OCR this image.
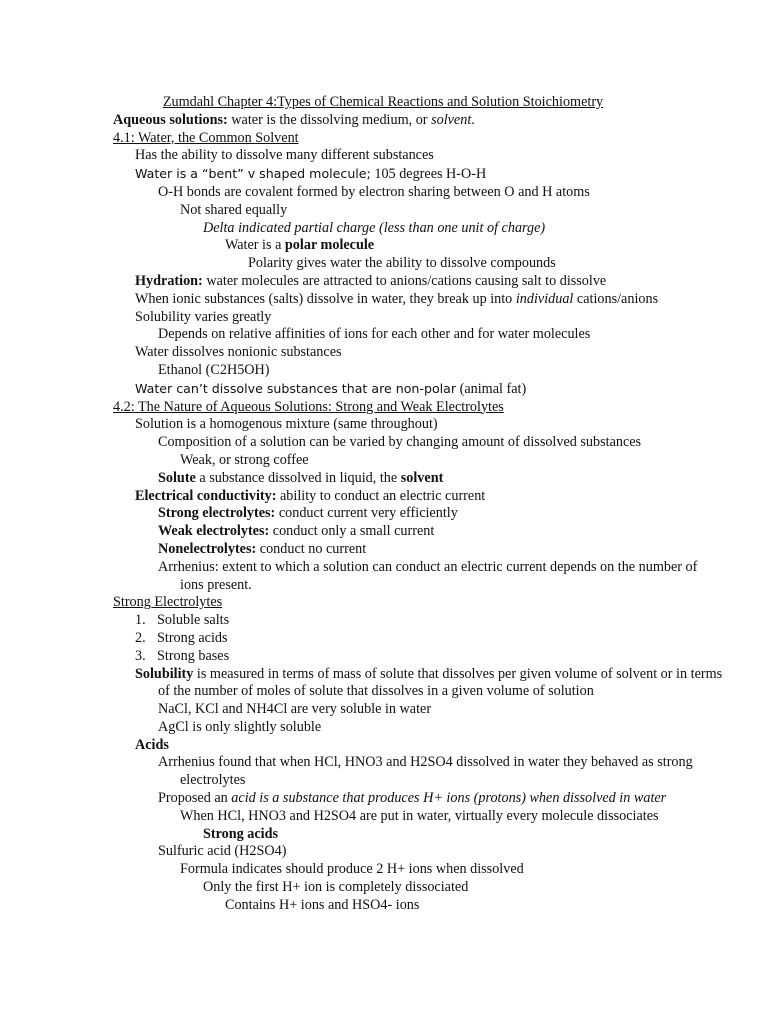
Zumdahl Chapter 4:Types of Chemical Reactions and Solution Stoichiometry
Aqueous solutions: water is the dissolving medium, or solvent.
4.1: Water, the Common Solvent
Has the ability to dissolve many different substances
Water is a “bent” v shaped molecule; 105 degrees H-O-H
O-H bonds are covalent formed by electron sharing between O and H atoms
Not shared equally
Delta indicated partial charge (less than one unit of charge)
Water is a polar molecule
Polarity gives water the ability to dissolve compounds
Hydration: water molecules are attracted to anions/cations causing salt to dissolve
When ionic substances (salts) dissolve in water, they break up into individual cations/anions
Solubility varies greatly
Depends on relative affinities of ions for each other and for water molecules
Water dissolves nonionic substances
Ethanol (C2H5OH)
Water can’t dissolve substances that are non-polar (animal fat)
4.2: The Nature of Aqueous Solutions: Strong and Weak Electrolytes
Solution is a homogenous mixture (same throughout)
Composition of a solution can be varied by changing amount of dissolved substances
Weak, or strong coffee
Solute a substance dissolved in liquid, the solvent
Electrical conductivity: ability to conduct an electric current
Strong electrolytes: conduct current very efficiently
Weak electrolytes: conduct only a small current
Nonelectrolytes: conduct no current
Arrhenius: extent to which a solution can conduct an electric current depends on the number of ions present.
Strong Electrolytes
1. Soluble salts
2. Strong acids
3. Strong bases
Solubility is measured in terms of mass of solute that dissolves per given volume of solvent or in terms of the number of moles of solute that dissolves in a given volume of solution
NaCl, KCl and NH4Cl are very soluble in water
AgCl is only slightly soluble
Acids
Arrhenius found that when HCl, HNO3 and H2SO4 dissolved in water they behaved as strong electrolytes
Proposed an acid is a substance that produces H+ ions (protons) when dissolved in water
When HCl, HNO3 and H2SO4 are put in water, virtually every molecule dissociates
Strong acids
Sulfuric acid (H2SO4)
Formula indicates should produce 2 H+ ions when dissolved
Only the first H+ ion is completely dissociated
Contains H+ ions and HSO4- ions
